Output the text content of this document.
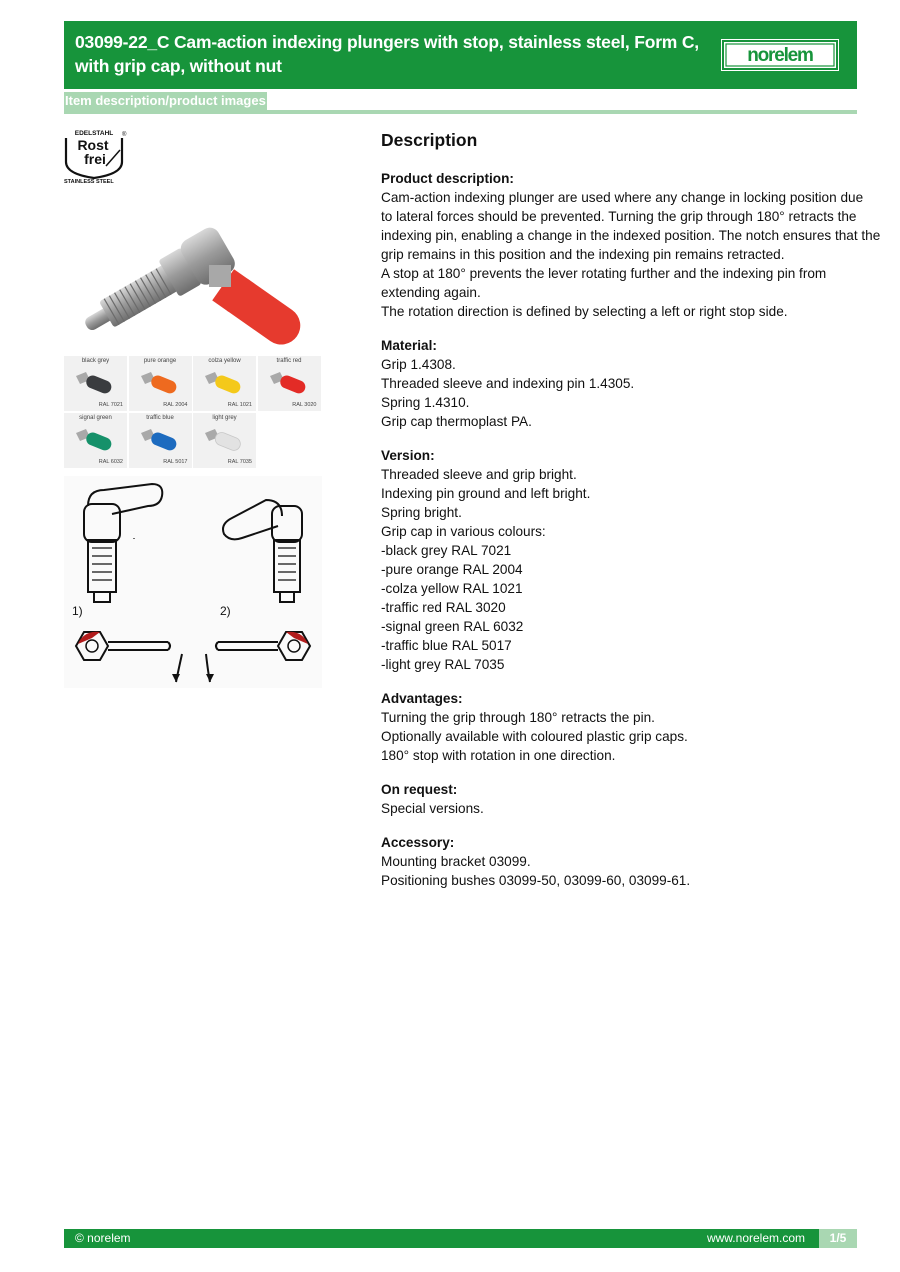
03099-22_C Cam-action indexing plungers with stop, stainless steel, Form C, with grip cap, without nut	norelem
Item description/product images
EDELSTAHL ®
Rost
frei
STAINLESS STEEL
black grey
RAL 7021
pure orange
RAL 2004
colza yellow
RAL 1021
traffic red
RAL 3020
signal green
RAL 6032
traffic blue
RAL 5017
light grey
RAL 7035
1)	2)
Description
Product description:
Cam-action indexing plunger are used where any change in locking position due
to lateral forces should be prevented. Turning the grip through 180° retracts the
indexing pin, enabling a change in the indexed position. The notch ensures that the
grip remains in this position and the indexing pin remains retracted.
A stop at 180° prevents the lever rotating further and the indexing pin from
extending again.
The rotation direction is defined by selecting a left or right stop side.
Material:
Grip 1.4308.
Threaded sleeve and indexing pin 1.4305.
Spring 1.4310.
Grip cap thermoplast PA.
Version:
Threaded sleeve and grip bright.
Indexing pin ground and left bright.
Spring bright.
Grip cap in various colours:
-black grey RAL 7021
-pure orange RAL 2004
-colza yellow RAL 1021
-traffic red RAL 3020
-signal green RAL 6032
-traffic blue RAL 5017
-light grey RAL 7035
Advantages:
Turning the grip through 180° retracts the pin.
Optionally available with coloured plastic grip caps.
180° stop with rotation in one direction.
On request:
Special versions.
Accessory:
Mounting bracket 03099.
Positioning bushes 03099-50, 03099-60, 03099-61.
© norelem	www.norelem.com	1/5
